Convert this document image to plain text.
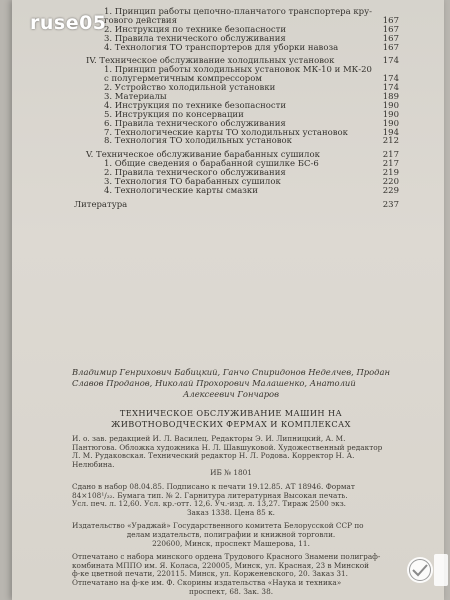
ruse05
1. Принцип работы цепочно-планчатого транспортера кру-
гового действия	167
2. Инструкция по технике безопасности	167
3. Правила технического обслуживания	167
4. Технология ТО транспортеров для уборки навоза	167
IV. Техническое обслуживание холодильных установок	174
1. Принцип работы холодильных установок МК-10 и МК-20
с полугерметичным компрессором	174
2. Устройство холодильной установки	174
3. Материалы	189
4. Инструкция по технике безопасности	190
5. Инструкция по консервации	190
6. Правила технического обслуживания	190
7. Технологические карты ТО холодильных установок	194
8. Технология ТО холодильных установок	212
V. Техническое обслуживание барабанных сушилок	217
1. Общие сведения о барабанной сушилке БС-6	217
2. Правила технического обслуживания	219
3. Технология ТО барабанных сушилок	220
4. Технологические карты смазки	229
Литература	237
Владимир Генрихович Бабицкий, Ганчо Спиридонов Неделчев, Продан Славов Проданов, Николай Прохорович Малашенко, Анатолий
Алексеевич Гончаров
ТЕХНИЧЕСКОЕ ОБСЛУЖИВАНИЕ МАШИН НА ЖИВОТНОВОДЧЕСКИХ ФЕРМАХ И КОМПЛЕКСАХ
И. о. зав. редакцией И. Л. Василец. Редакторы Э. И. Липницкий, А. М. Пантюгова. Обложка художника Н. Л. Шавшуковой. Художественный редактор Л. М. Рудаковская. Технический редактор Н. Л. Родова. Корректор Н. А. Нелюбина.
ИБ № 1801
Сдано в набор 08.04.85. Подписано к печати 19.12.85. АТ 18946. Формат
84×108¹/₃₂. Бумага тип. № 2. Гарнитура литературная Высокая печать.
Усл. печ. л. 12,60. Усл. кр.-отт. 12,6. Уч.-изд. л. 13,27. Тираж 2500 экз.
Заказ 1338. Цена 85 к.
Издательство «Ураджай» Государственного комитета Белорусской ССР по
делам издательств, полиграфии и книжной торговли.
220600, Минск, проспект Машерова, 11.
Отпечатано с набора минского ордена Трудового Красного Знамени полиграф-
комбината МППО им. Я. Коласа, 220005, Минск, ул. Красная, 23 в Минской
ф-ке цветной печати, 220115. Минск, ул. Корженевского, 20. Заказ 31.
Отпечатано на ф-ке им. Ф. Скорины издательства «Наука и техника»
проспект, 68. Зак. 38.
